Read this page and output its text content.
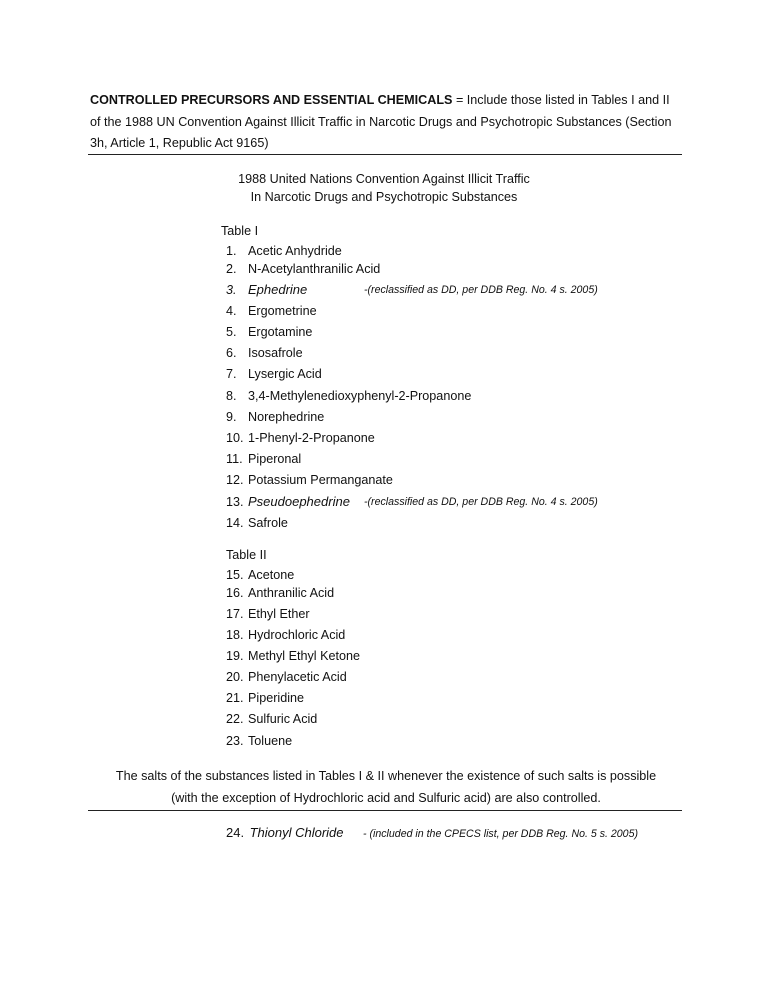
CONTROLLED PRECURSORS AND ESSENTIAL CHEMICALS = Include those listed in Tables I and II of the 1988 UN Convention Against Illicit Traffic in Narcotic Drugs and Psychotropic Substances (Section 3h, Article 1, Republic Act 9165)
1988 United Nations Convention Against Illicit Traffic
In Narcotic Drugs and Psychotropic Substances
Table I
1. Acetic Anhydride
2. N-Acetylanthranilic Acid
3. Ephedrine	-(reclassified as DD, per DDB Reg. No. 4 s. 2005)
4. Ergometrine
5. Ergotamine
6. Isosafrole
7. Lysergic Acid
8. 3,4-Methylenedioxyphenyl-2-Propanone
9. Norephedrine
10. 1-Phenyl-2-Propanone
11. Piperonal
12. Potassium Permanganate
13. Pseudoephedrine -(reclassified as DD, per DDB Reg. No. 4 s. 2005)
14. Safrole
15. Acetone
16. Anthranilic Acid
17. Ethyl Ether
18. Hydrochloric Acid
19. Methyl Ethyl Ketone
20. Phenylacetic Acid
21. Piperidine
22. Sulfuric Acid
23. Toluene
Table II
The salts of the substances listed in Tables I & II whenever the existence of such salts is possible
(with the exception of Hydrochloric acid and Sulfuric acid) are also controlled.
24. Thionyl Chloride - (included in the CPECS list, per DDB Reg. No. 5 s. 2005)
